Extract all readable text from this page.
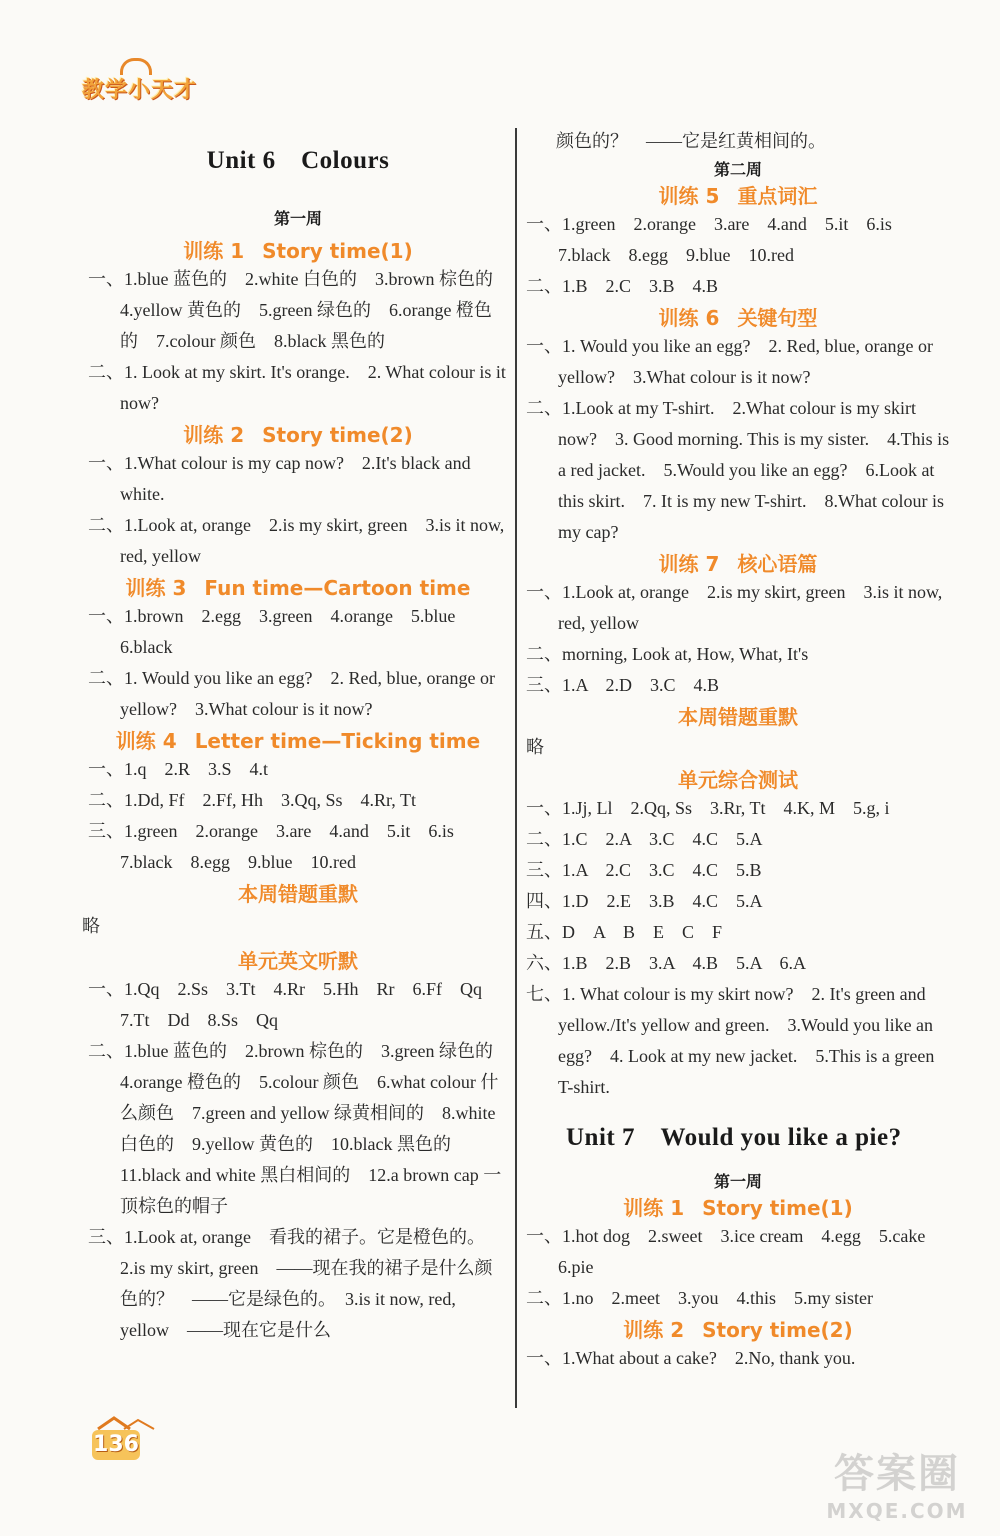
教学小天才
Unit 6　Colours
第一周
训练 1 Story time(1)
一、1.blue 蓝色的　2.white 白色的　3.brown 棕色的　4.yellow 黄色的　5.green 绿色的　6.orange 橙色的　7.colour 颜色　8.black 黑色的
二、1. Look at my skirt. It's orange.　2. What colour is it now?
训练 2 Story time(2)
一、1.What colour is my cap now?　2.It's black and white.
二、1.Look at, orange　2.is my skirt, green　3.is it now, red, yellow
训练 3 Fun time—Cartoon time
一、1.brown　2.egg　3.green　4.orange　5.blue　6.black
二、1. Would you like an egg?　2. Red, blue, orange or yellow?　3.What colour is it now?
训练 4 Letter time—Ticking time
一、1.q　2.R　3.S　4.t
二、1.Dd, Ff　2.Ff, Hh　3.Qq, Ss　4.Rr, Tt
三、1.green　2.orange　3.are　4.and　5.it　6.is　7.black　8.egg　9.blue　10.red
本周错题重默
略
单元英文听默
一、1.Qq　2.Ss　3.Tt　4.Rr　5.Hh　Rr　6.Ff　Qq　7.Tt　Dd　8.Ss　Qq
二、1.blue 蓝色的　2.brown 棕色的　3.green 绿色的　4.orange 橙色的　5.colour 颜色　6.what colour 什么颜色　7.green and yellow 绿黄相间的　8.white 白色的　9.yellow 黄色的　10.black 黑色的　11.black and white 黑白相间的　12.a brown cap 一顶棕色的帽子
三、1.Look at, orange　看我的裙子。它是橙色的。　2.is my skirt, green　——现在我的裙子是什么颜色的？　——它是绿色的。　3.is it now, red, yellow　——现在它是什么
颜色的？　——它是红黄相间的。
第二周
训练 5 重点词汇
一、1.green　2.orange　3.are　4.and　5.it　6.is　7.black　8.egg　9.blue　10.red
二、1.B　2.C　3.B　4.B
训练 6 关键句型
一、1. Would you like an egg?　2. Red, blue, orange or yellow?　3.What colour is it now?
二、1.Look at my T-shirt.　2.What colour is my skirt now?　3. Good morning. This is my sister.　4.This is a red jacket.　5.Would you like an egg?　6.Look at this skirt.　7. It is my new T-shirt.　8.What colour is my cap?
训练 7 核心语篇
一、1.Look at, orange　2.is my skirt, green　3.is it now, red, yellow
二、morning, Look at, How, What, It's
三、1.A　2.D　3.C　4.B
本周错题重默
略
单元综合测试
一、1.Jj, Ll　2.Qq, Ss　3.Rr, Tt　4.K, M　5.g, i
二、1.C　2.A　3.C　4.C　5.A
三、1.A　2.C　3.C　4.C　5.B
四、1.D　2.E　3.B　4.C　5.A
五、D　A　B　E　C　F
六、1.B　2.B　3.A　4.B　5.A　6.A
七、1. What colour is my skirt now?　2. It's green and yellow./It's yellow and green.　3.Would you like an egg?　4. Look at my new jacket.　5.This is a green T-shirt.
Unit 7　Would you like a pie?
第一周
训练 1 Story time(1)
一、1.hot dog　2.sweet　3.ice cream　4.egg　5.cake　6.pie
二、1.no　2.meet　3.you　4.this　5.my sister
训练 2 Story time(2)
一、1.What about a cake?　2.No, thank you.
136
答案圈
MXQE.COM
